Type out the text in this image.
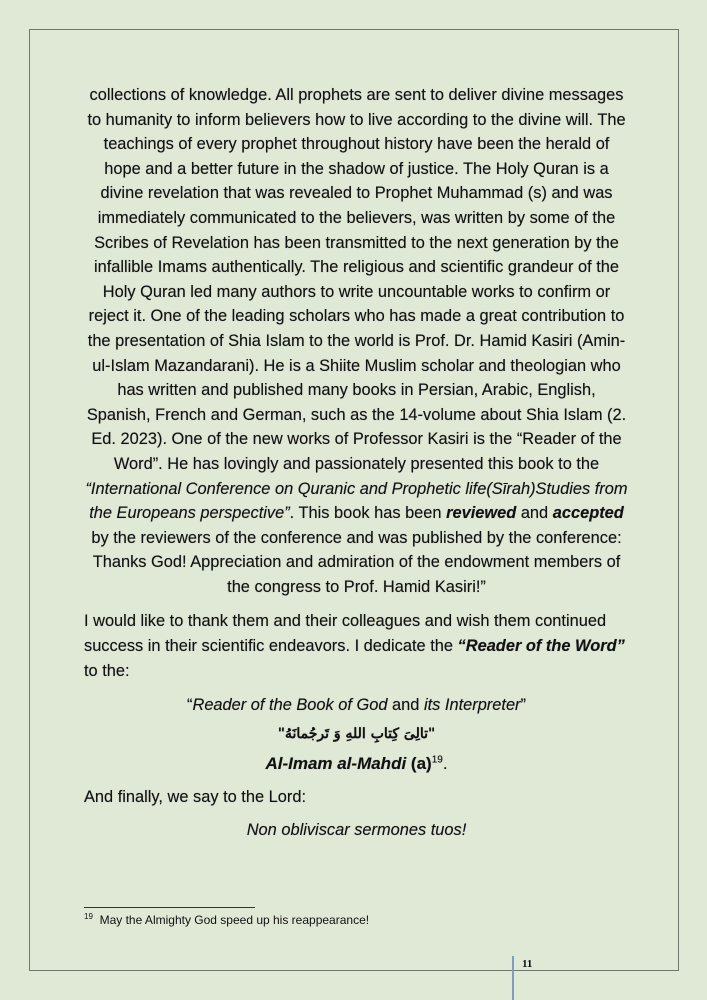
collections of knowledge. All prophets are sent to deliver divine messages to humanity to inform believers how to live according to the divine will. The teachings of every prophet throughout history have been the herald of hope and a better future in the shadow of justice. The Holy Quran is a divine revelation that was revealed to Prophet Muhammad (s) and was immediately communicated to the believers, was written by some of the Scribes of Revelation has been transmitted to the next generation by the infallible Imams authentically. The religious and scientific grandeur of the Holy Quran led many authors to write uncountable works to confirm or reject it. One of the leading scholars who has made a great contribution to the presentation of Shia Islam to the world is Prof. Dr. Hamid Kasiri (Amin-ul-Islam Mazandarani). He is a Shiite Muslim scholar and theologian who has written and published many books in Persian, Arabic, English, Spanish, French and German, such as the 14-volume about Shia Islam (2. Ed. 2023). One of the new works of Professor Kasiri is the “Reader of the Word”. He has lovingly and passionately presented this book to the “International Conference on Quranic and Prophetic life(Sīrah)Studies from the Europeans perspective”. This book has been reviewed and accepted by the reviewers of the conference and was published by the conference: Thanks God! Appreciation and admiration of the endowment members of the congress to Prof. Hamid Kasiri!”

I would like to thank them and their colleagues and wish them continued success in their scientific endeavors. I dedicate the “Reader of the Word” to the:

“Reader of the Book of God and its Interpreter”

"تالِیَ کِتابِ اللهِ وَ تَرجُمانَهُ"

Al-Imam al-Mahdi $(a)^{19}$.

And finally, we say to the Lord:

Non obliviscar sermones tuos!

$^{19}$ May the Almighty God speed up his reappearance!
11
